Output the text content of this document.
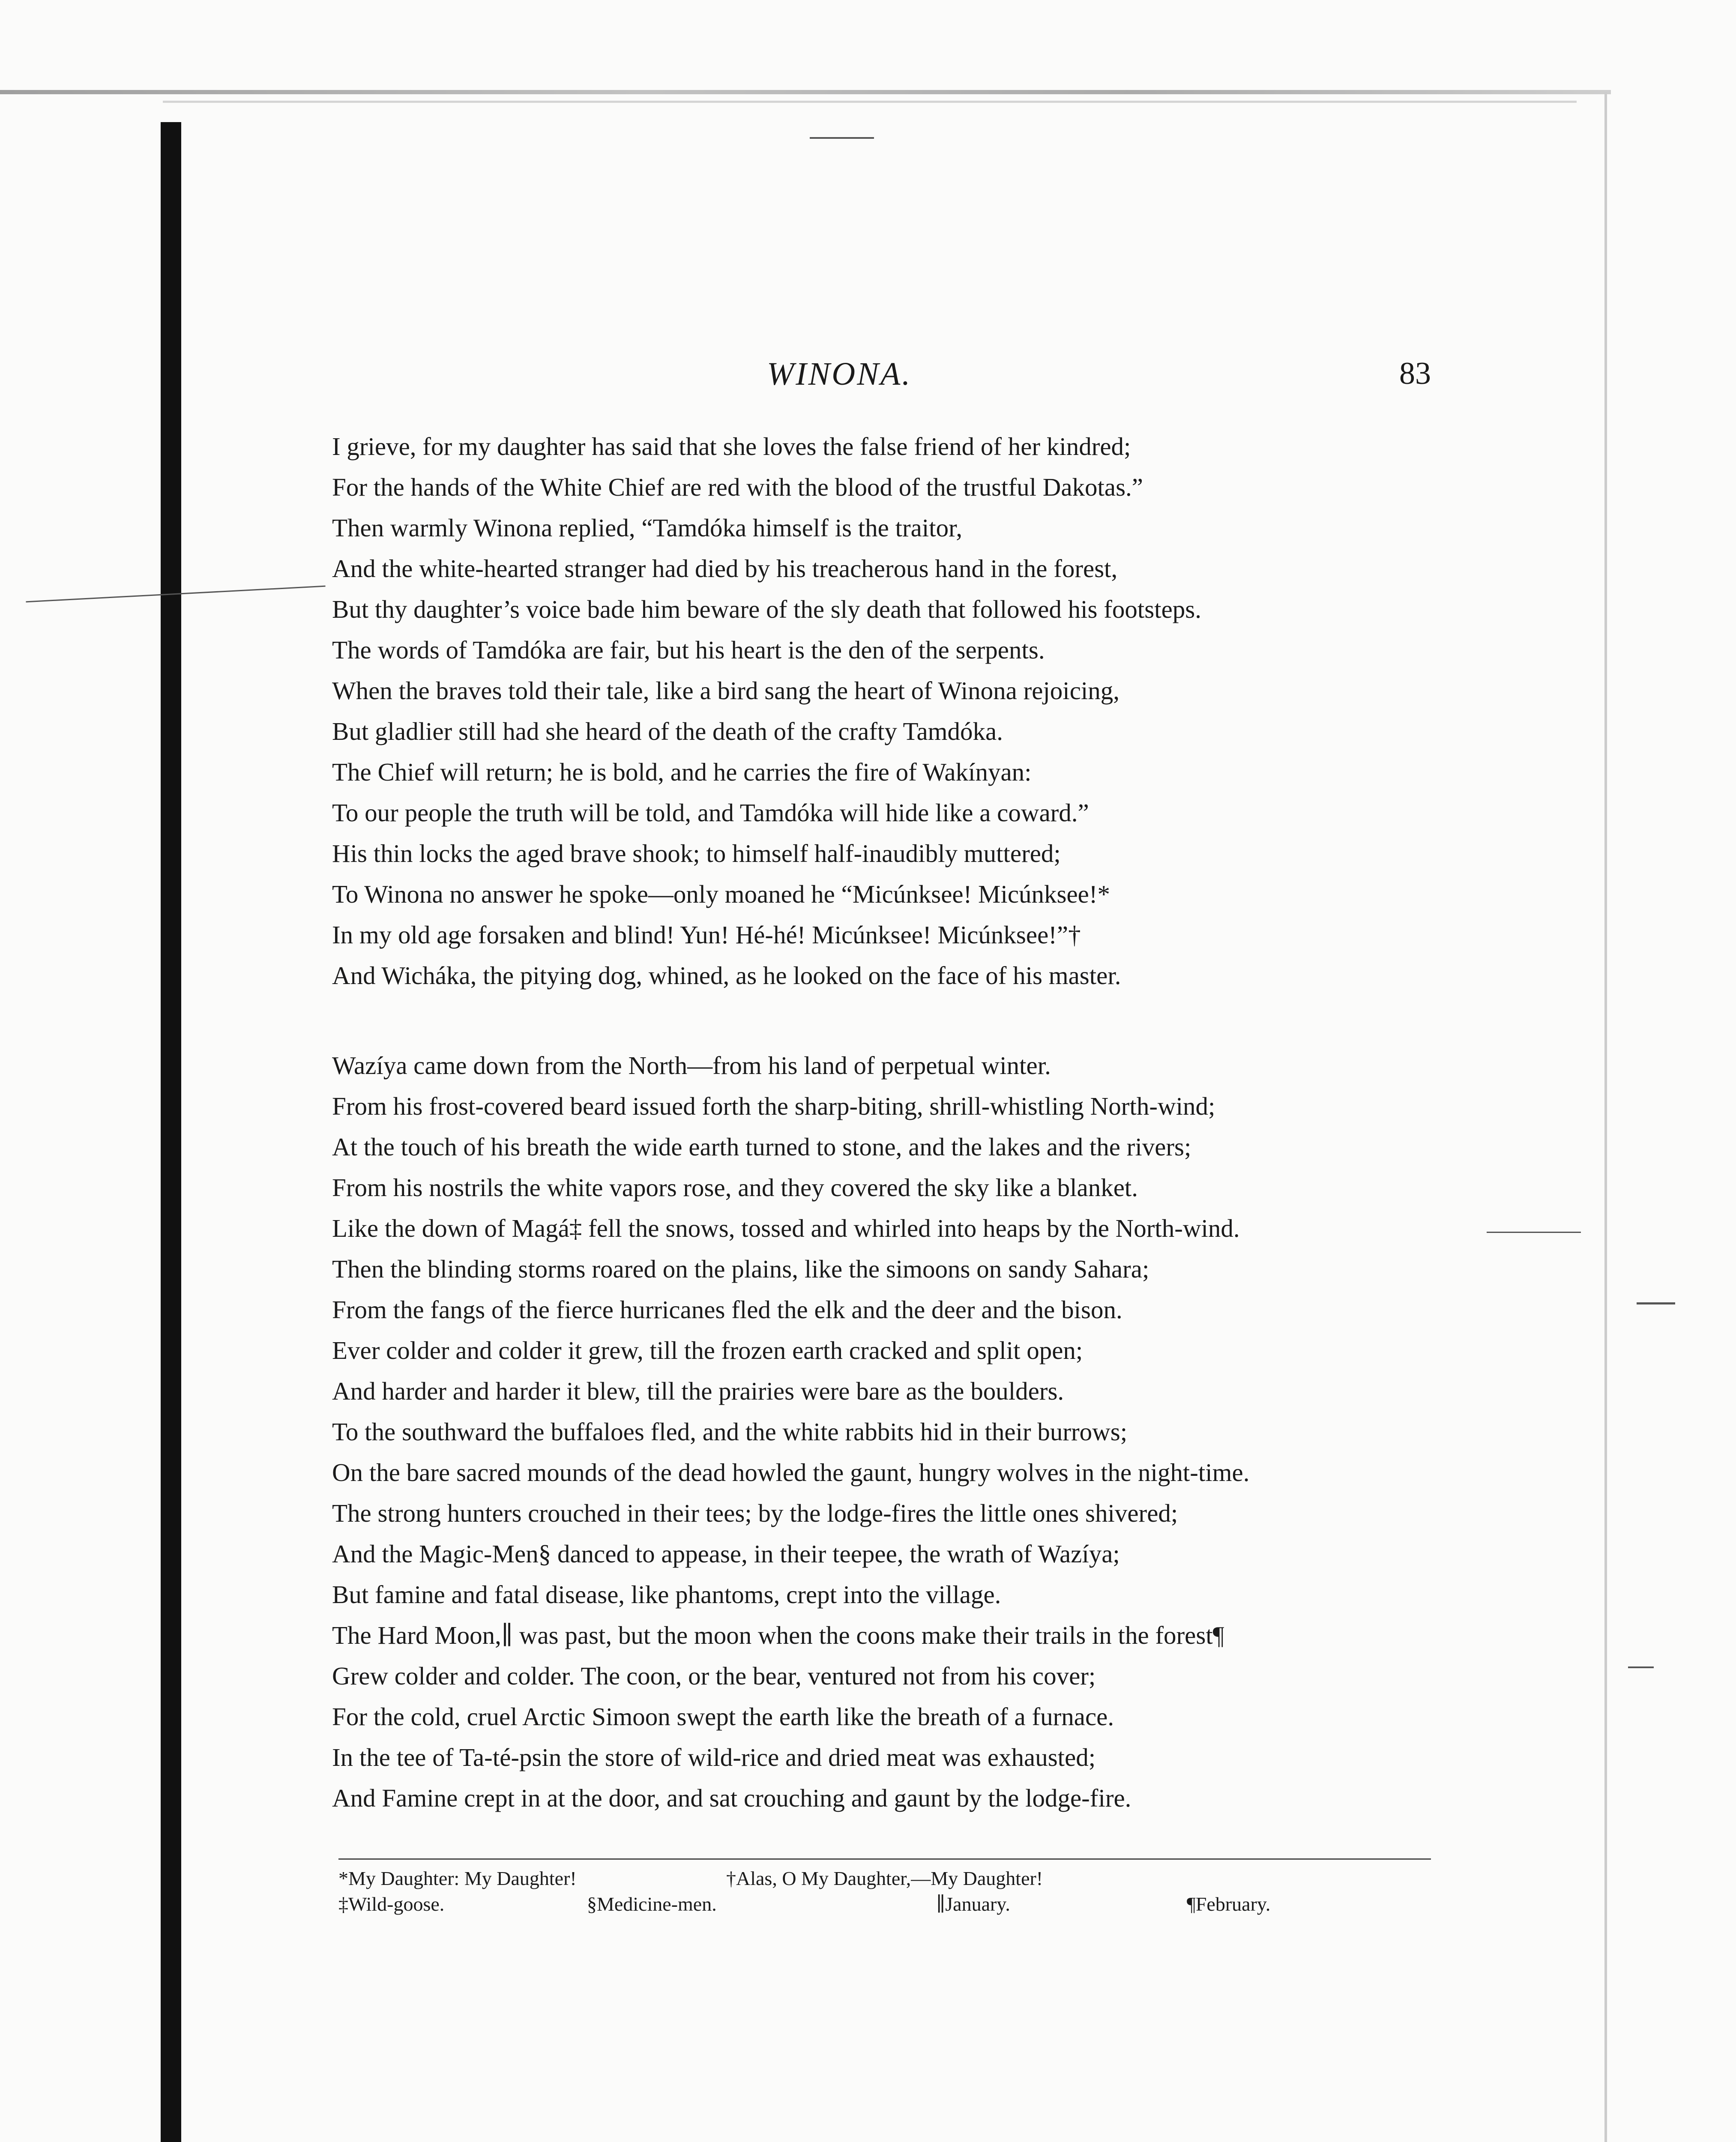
WINONA.	83
I grieve, for my daughter has said that she loves the false friend of her kindred;
For the hands of the White Chief are red with the blood of the trustful Dakotas.”
Then warmly Winona replied, “Tamdóka himself is the traitor,
And the white-hearted stranger had died by his treacherous hand in the forest,
But thy daughter’s voice bade him beware of the sly death that followed his footsteps.
The words of Tamdóka are fair, but his heart is the den of the serpents.
When the braves told their tale, like a bird sang the heart of Winona rejoicing,
But gladlier still had she heard of the death of the crafty Tamdóka.
The Chief will return; he is bold, and he carries the fire of Wakínyan:
To our people the truth will be told, and Tamdóka will hide like a coward.”
His thin locks the aged brave shook; to himself half-inaudibly muttered;
To Winona no answer he spoke—only moaned he “Micúnksee! Micúnksee!*
In my old age forsaken and blind! Yun! Hé-hé! Micúnksee! Micúnksee!”†
And Wicháka, the pitying dog, whined, as he looked on the face of his master.
Wazíya came down from the North—from his land of perpetual winter.
From his frost-covered beard issued forth the sharp-biting, shrill-whistling North-wind;
At the touch of his breath the wide earth turned to stone, and the lakes and the rivers;
From his nostrils the white vapors rose, and they covered the sky like a blanket.
Like the down of Magá‡ fell the snows, tossed and whirled into heaps by the North-wind.
Then the blinding storms roared on the plains, like the simoons on sandy Sahara;
From the fangs of the fierce hurricanes fled the elk and the deer and the bison.
Ever colder and colder it grew, till the frozen earth cracked and split open;
And harder and harder it blew, till the prairies were bare as the boulders.
To the southward the buffaloes fled, and the white rabbits hid in their burrows;
On the bare sacred mounds of the dead howled the gaunt, hungry wolves in the night-time.
The strong hunters crouched in their tees; by the lodge-fires the little ones shivered;
And the Magic-Men§ danced to appease, in their teepee, the wrath of Wazíya;
But famine and fatal disease, like phantoms, crept into the village.
The Hard Moon,∥ was past, but the moon when the coons make their trails in the forest¶
Grew colder and colder. The coon, or the bear, ventured not from his cover;
For the cold, cruel Arctic Simoon swept the earth like the breath of a furnace.
In the tee of Ta-té-psin the store of wild-rice and dried meat was exhausted;
And Famine crept in at the door, and sat crouching and gaunt by the lodge-fire.
*My Daughter: My Daughter!	†Alas, O My Daughter,—My Daughter!
‡Wild-goose.	§Medicine-men.	∥January.	¶February.
